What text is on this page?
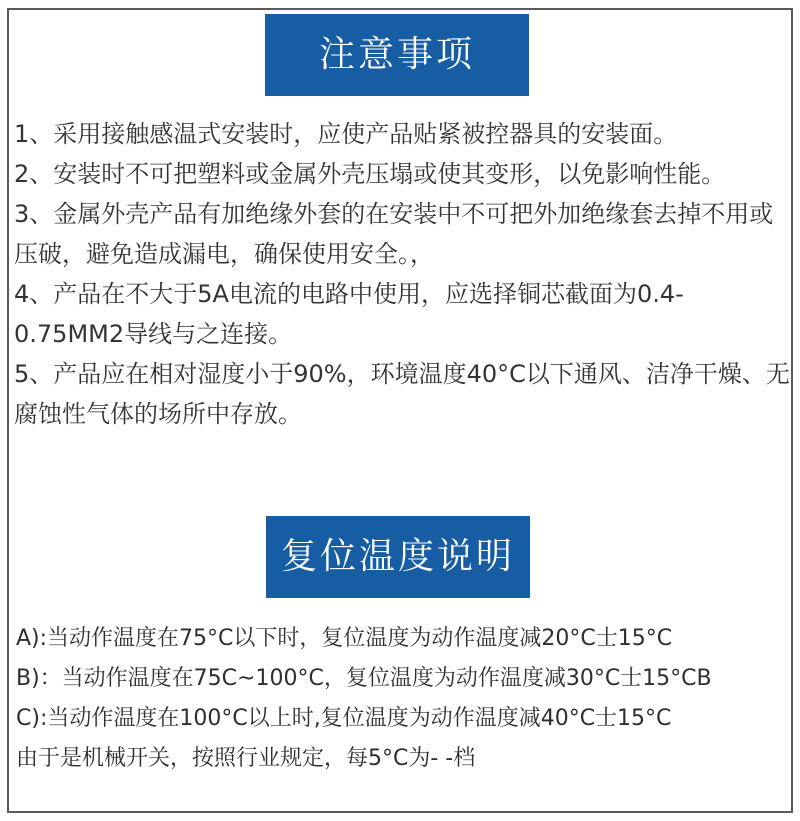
注意事项
1、采用接触感温式安装时，应使产品贴紧被控器具的安装面。
2、安装时不可把塑料或金属外壳压塌或使其变形，以免影响性能。
3、金属外壳产品有加绝缘外套的在安装中不可把外加绝缘套去掉不用或压破，避免造成漏电，确保使用安全。，
4、产品在不大于5A电流的电路中使用，应选择铜芯截面为0.4-0.75MM2导线与之连接。
5、产品应在相对湿度小于90%，环境温度40°C以下通风、洁净干燥、无腐蚀性气体的场所中存放。
复位温度说明
A):当动作温度在75°C以下时，复位温度为动作温度减20°C士15°C
B)：当动作温度在75C~100°C，复位温度为动作温度减30°C士15°CB
C):当动作温度在100°C以上时,复位温度为动作温度减40°C士15°C
由于是机械开关，按照行业规定，每5°C为- -档
